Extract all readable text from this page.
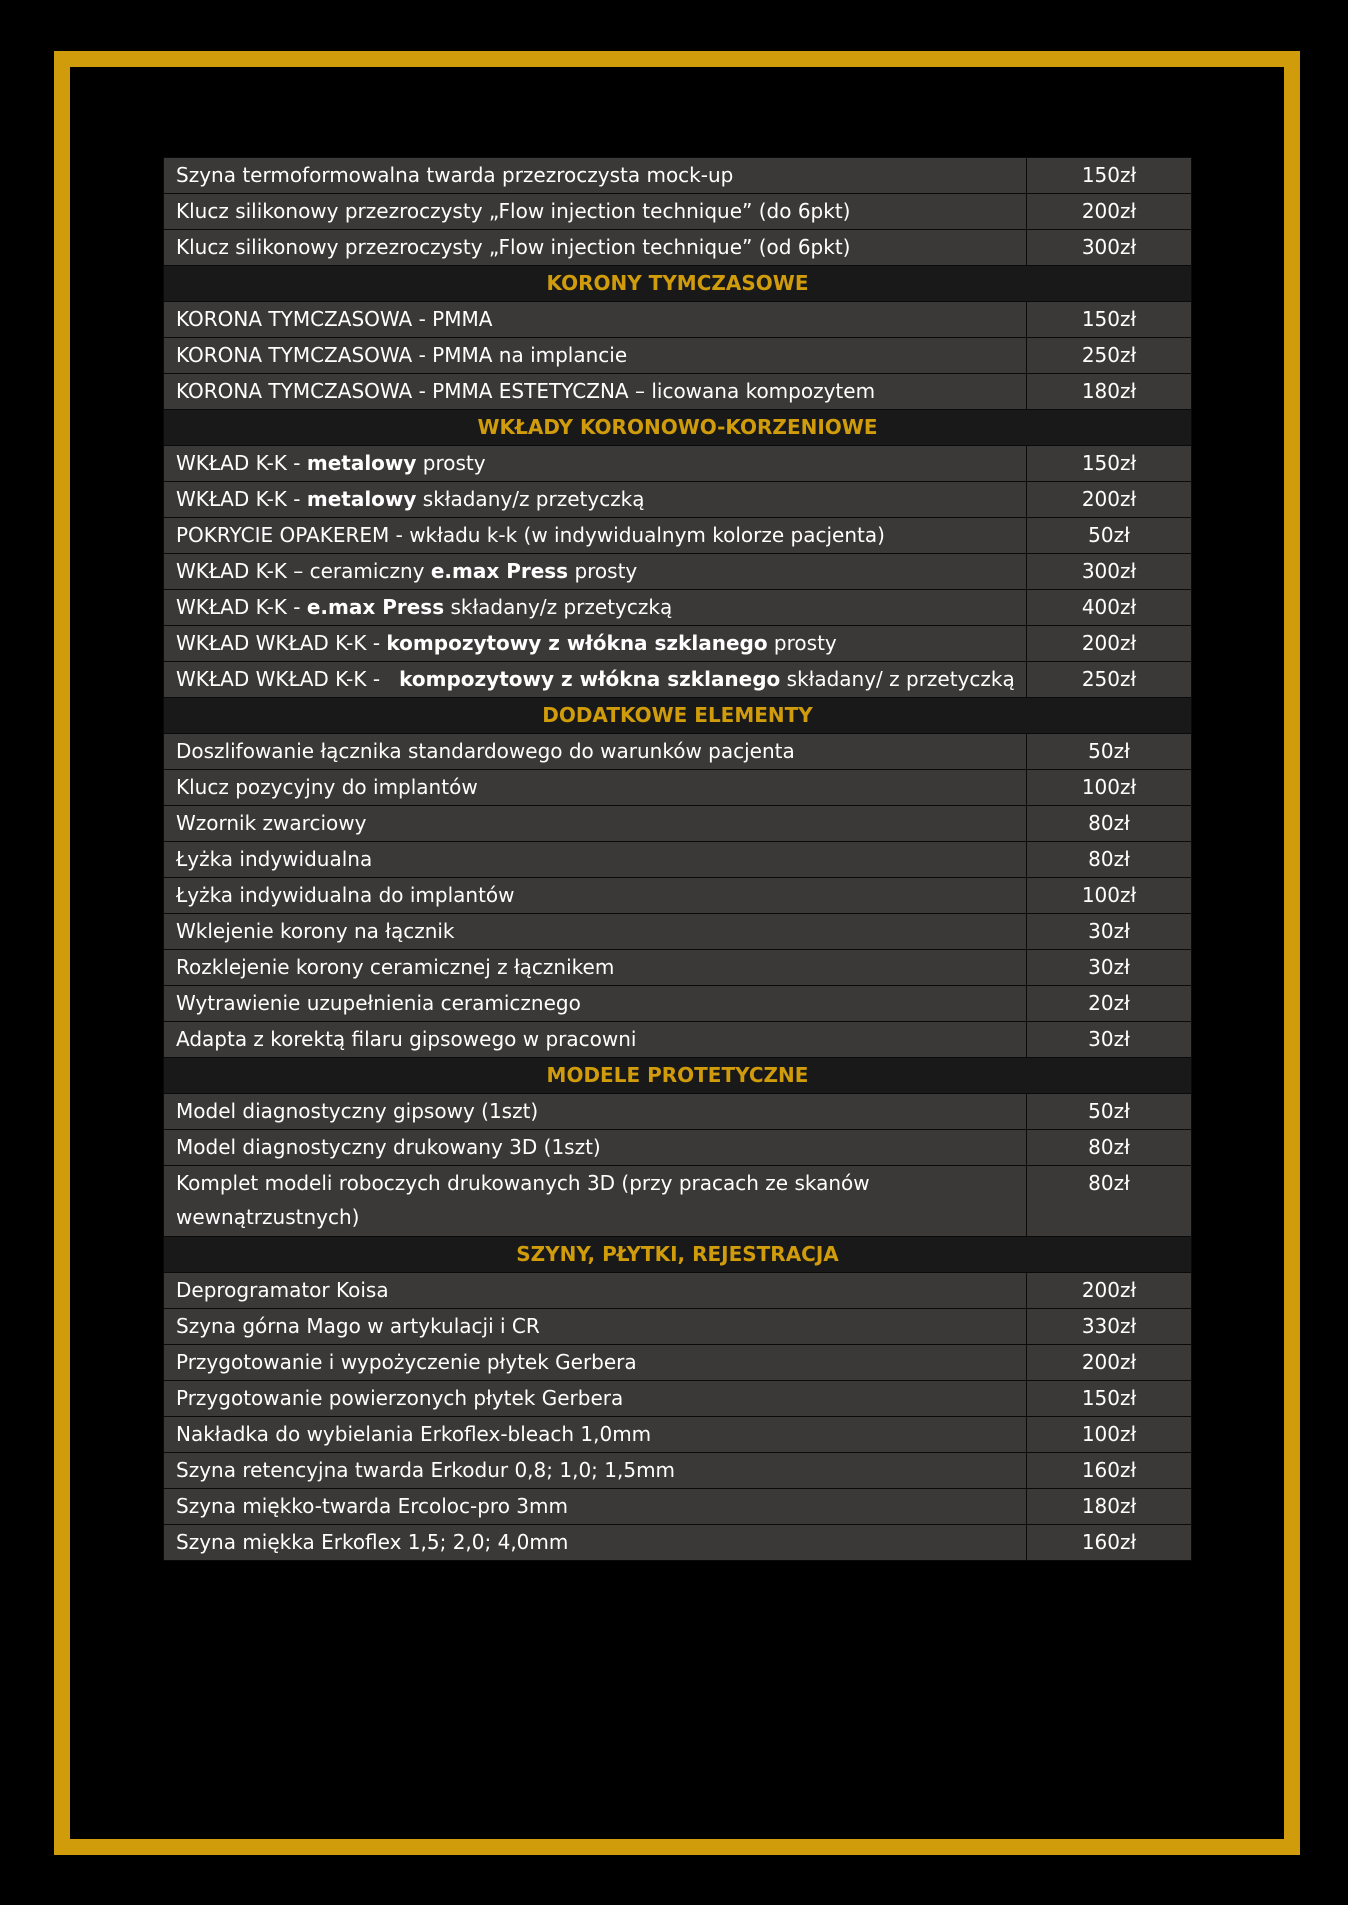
Szyna termoformowalna twarda przezroczysta mock-up	150zł
Klucz silikonowy przezroczysty „Flow injection technique” (do 6pkt)	200zł
Klucz silikonowy przezroczysty „Flow injection technique” (od 6pkt)	300zł
KORONY TYMCZASOWE	
KORONA TYMCZASOWA - PMMA	150zł
KORONA TYMCZASOWA - PMMA na implancie	250zł
KORONA TYMCZASOWA - PMMA ESTETYCZNA – licowana kompozytem	180zł
WKŁADY KORONOWO-KORZENIOWE	
WKŁAD K-K - metalowy prosty	150zł
WKŁAD K-K - metalowy składany/z przetyczką	200zł
POKRYCIE OPAKEREM - wkładu k-k (w indywidualnym kolorze pacjenta)	50zł
WKŁAD K-K – ceramiczny e.max Press prosty	300zł
WKŁAD K-K - e.max Press składany/z przetyczką	400zł
WKŁAD WKŁAD K-K - kompozytowy z włókna szklanego prosty	200zł
WKŁAD WKŁAD K-K -   kompozytowy z włókna szklanego składany/ z przetyczką	250zł
DODATKOWE ELEMENTY	
Doszlifowanie łącznika standardowego do warunków pacjenta	50zł
Klucz pozycyjny do implantów	100zł
Wzornik zwarciowy	80zł
Łyżka indywidualna	80zł
Łyżka indywidualna do implantów	100zł
Wklejenie korony na łącznik	30zł
Rozklejenie korony ceramicznej z łącznikem	30zł
Wytrawienie uzupełnienia ceramicznego	20zł
Adapta z korektą filaru gipsowego w pracowni	30zł
MODELE PROTETYCZNE	
Model diagnostyczny gipsowy (1szt)	50zł
Model diagnostyczny drukowany 3D (1szt)	80zł

Komplet modeli roboczych drukowanych 3D (przy pracach ze skanów
wewnątrzustnych)	80zł
SZYNY, PŁYTKI, REJESTRACJA	
Deprogramator Koisa	200zł
Szyna górna Mago w artykulacji i CR	330zł
Przygotowanie i wypożyczenie płytek Gerbera	200zł
Przygotowanie powierzonych płytek Gerbera	150zł
Nakładka do wybielania Erkoflex-bleach 1,0mm	100zł
Szyna retencyjna twarda Erkodur 0,8; 1,0; 1,5mm	160zł
Szyna miękko-twarda Ercoloc-pro 3mm	180zł
Szyna miękka Erkoflex 1,5; 2,0; 4,0mm	160zł
